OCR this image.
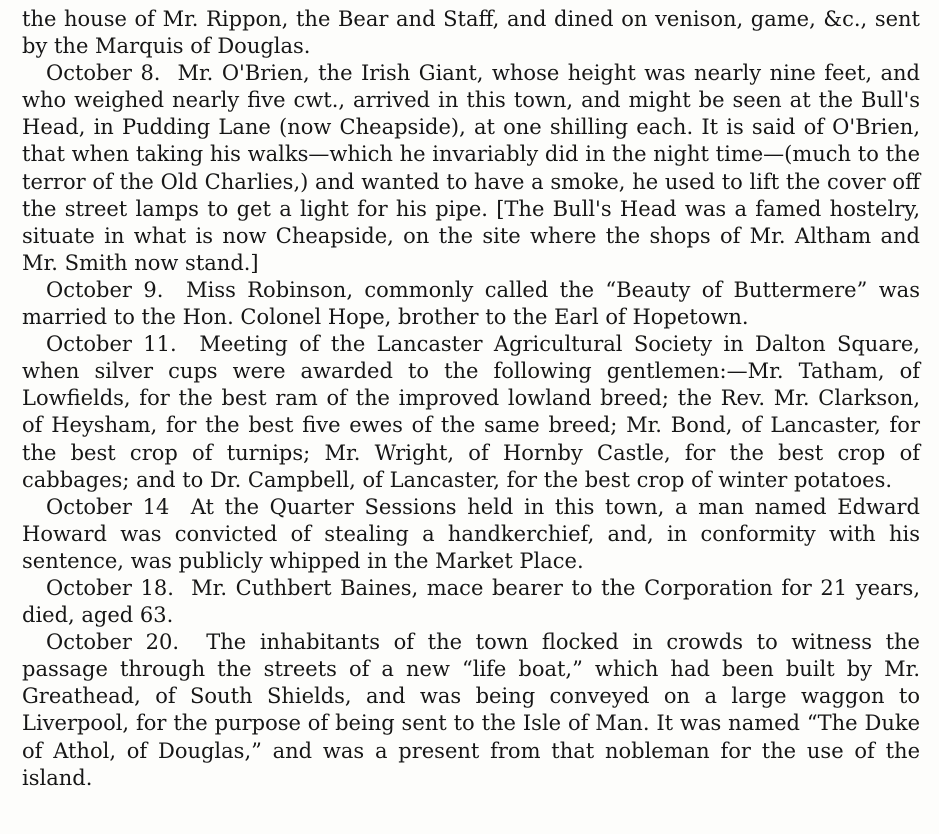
the house of Mr. Rippon, the Bear and Staff, and dined on venison, game, &c., sent by the Marquis of Douglas.

October 8. Mr. O'Brien, the Irish Giant, whose height was nearly nine feet, and who weighed nearly five cwt., arrived in this town, and might be seen at the Bull's Head, in Pudding Lane (now Cheapside), at one shilling each. It is said of O'Brien, that when taking his walks—which he invariably did in the night time—(much to the terror of the Old Charlies,) and wanted to have a smoke, he used to lift the cover off the street lamps to get a light for his pipe. [The Bull's Head was a famed hostelry, situate in what is now Cheapside, on the site where the shops of Mr. Altham and Mr. Smith now stand.]

October 9. Miss Robinson, commonly called the “Beauty of Buttermere” was married to the Hon. Colonel Hope, brother to the Earl of Hopetown.

October 11. Meeting of the Lancaster Agricultural Society in Dalton Square, when silver cups were awarded to the following gentlemen:—Mr. Tatham, of Lowfields, for the best ram of the improved lowland breed; the Rev. Mr. Clarkson, of Heysham, for the best five ewes of the same breed; Mr. Bond, of Lancaster, for the best crop of turnips; Mr. Wright, of Hornby Castle, for the best crop of cabbages; and to Dr. Campbell, of Lancaster, for the best crop of winter potatoes.

October 14 At the Quarter Sessions held in this town, a man named Edward Howard was convicted of stealing a handkerchief, and, in conformity with his sentence, was publicly whipped in the Market Place.

October 18. Mr. Cuthbert Baines, mace bearer to the Corporation for 21 years, died, aged 63.

October 20. The inhabitants of the town flocked in crowds to witness the passage through the streets of a new “life boat,” which had been built by Mr. Greathead, of South Shields, and was being conveyed on a large waggon to Liverpool, for the purpose of being sent to the Isle of Man. It was named “The Duke of Athol, of Douglas,” and was a present from that nobleman for the use of the island.
